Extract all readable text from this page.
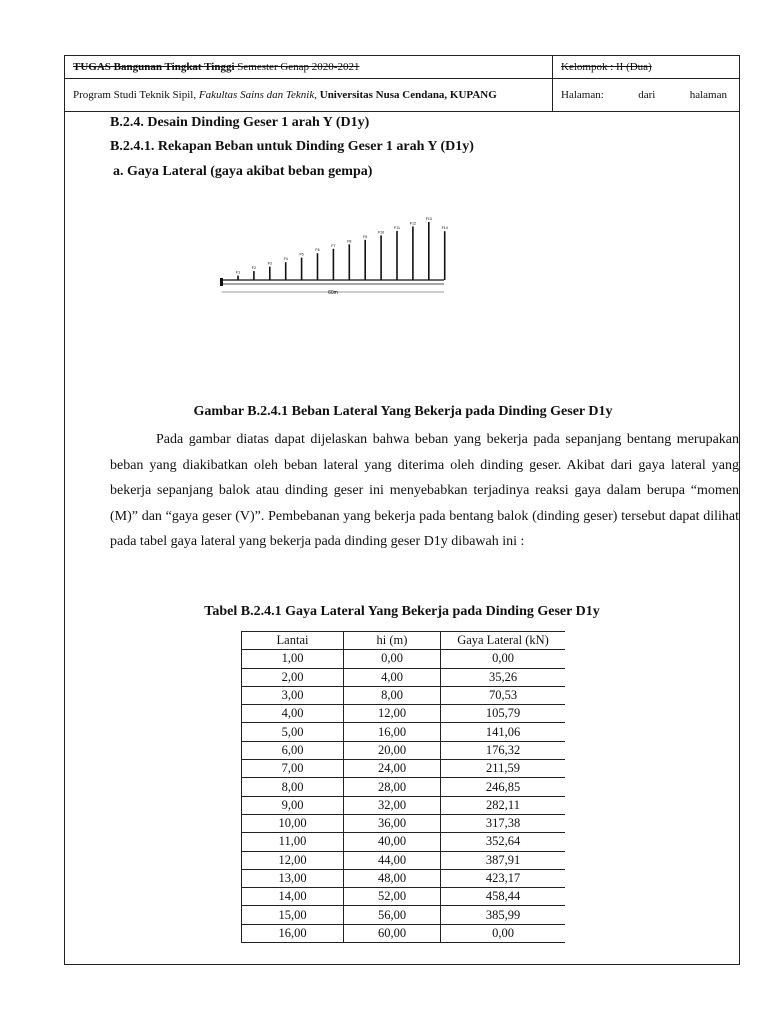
TUGAS Bangunan Tingkat Tinggi Semester Genap 2020-2021	Kelompok : II (Dua)
Program Studi Teknik Sipil, Fakultas Sains dan Teknik, Universitas Nusa Cendana, KUPANG	Halaman: dari halaman
B.2.4. Desain Dinding Geser 1 arah Y (D1y)
B.2.4.1. Rekapan Beban untuk Dinding Geser 1 arah Y (D1y)
a. Gaya Lateral (gaya akibat beban gempa)
60m
F1
F2
F3
F4
F5
F6
F7
F8
F9
F10
F11
F12
F13
F14
Gambar B.2.4.1 Beban Lateral Yang Bekerja pada Dinding Geser D1y

Pada gambar diatas dapat dijelaskan bahwa beban yang bekerja pada sepanjang bentang merupakan beban yang diakibatkan oleh beban lateral yang diterima oleh dinding geser. Akibat dari gaya lateral yang bekerja sepanjang balok atau dinding geser ini menyebabkan terjadinya reaksi gaya dalam berupa “momen (M)” dan “gaya geser (V)”. Pembebanan yang bekerja pada bentang balok (dinding geser) tersebut dapat dilihat pada tabel gaya lateral yang bekerja pada dinding geser D1y dibawah ini :

Tabel B.2.4.1 Gaya Lateral Yang Bekerja pada Dinding Geser D1y
Lantai	hi (m)	Gaya Lateral (kN)
1,00	0,00	0,00
2,00	4,00	35,26
3,00	8,00	70,53
4,00	12,00	105,79
5,00	16,00	141,06
6,00	20,00	176,32
7,00	24,00	211,59
8,00	28,00	246,85
9,00	32,00	282,11
10,00	36,00	317,38
11,00	40,00	352,64
12,00	44,00	387,91
13,00	48,00	423,17
14,00	52,00	458,44
15,00	56,00	385,99
16,00	60,00	0,00
